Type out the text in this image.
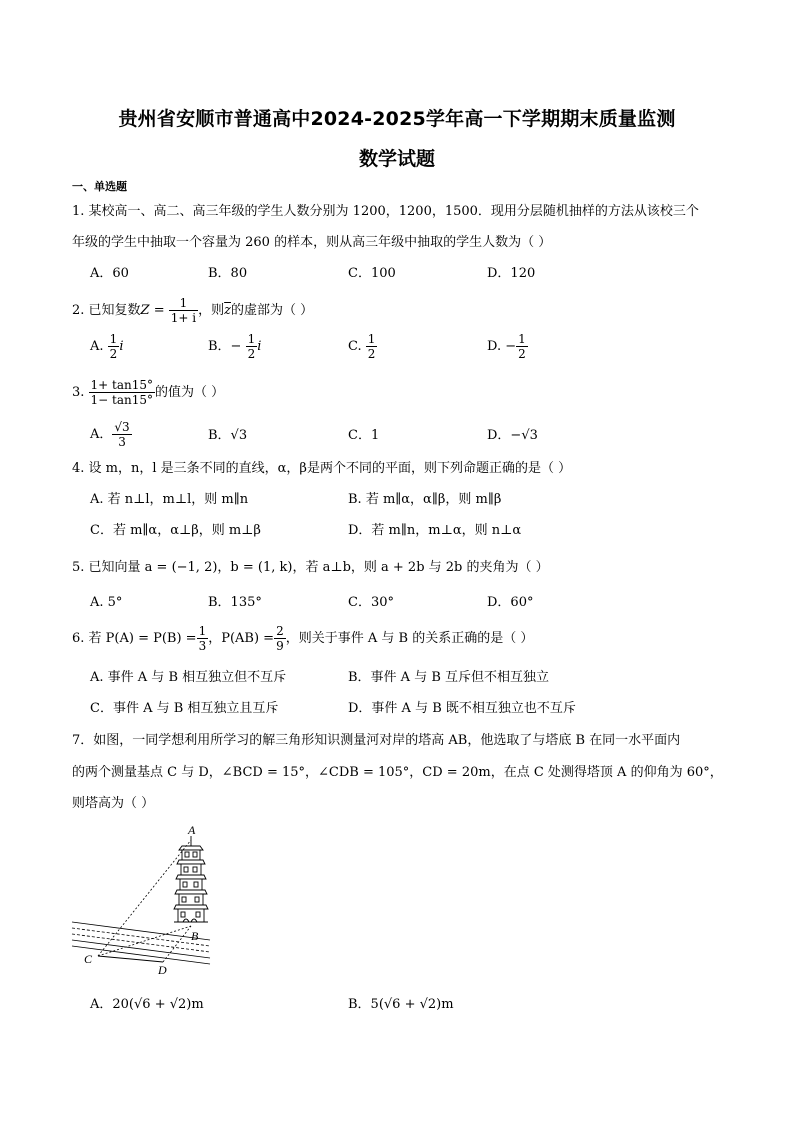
贵州省安顺市普通高中2024-2025学年高一下学期期末质量监测
数学试题
一、单选题
1. 某校高一、高二、高三年级的学生人数分别为 1200，1200，1500．现用分层随机抽样的方法从该校三个
年级的学生中抽取一个容量为 260 的样本，则从高三年级中抽取的学生人数为（ ）
A．60	B．80	C．100	D．120
2. 已知复数$Z = \frac{1}{1+ i}$ ，则$\overline{z}$的虚部为（ ）
A. $\frac{1}{2}$ i	B．− $\frac{1}{2}$ i	C. $\frac{1}{2}$	D. − $\frac{1}{2}$
3. $\frac{1+ \tan 15^\circ}{1- \tan 15^\circ}$ 的值为（ ）
A． $\frac{√3}{3}$	B．√3	C．1	D．−√3
4. 设 m，n，l 是三条不同的直线，α，β是两个不同的平面，则下列命题正确的是（ ）
A. 若 n⊥l，m⊥l，则 m∥n	B. 若 m∥α，α∥β，则 m∥β
C．若 m∥α，α⊥β，则 m⊥β	D．若 m∥n，m⊥α，则 n⊥α
5. 已知向量 a = (−1, 2)，b = (1, k)，若 a⊥b，则 a + 2b 与 2b 的夹角为（ ）
A. 5°	B．135°	C．30°	D．60°
6. 若 $P(A) = P(B) = \frac{1}{3}$ ，$P(AB) = \frac{2}{9}$ ，则关于事件 A 与 B 的关系正确的是（ ）
A. 事件 A 与 B 相互独立但不互斥	B．事件 A 与 B 互斥但不相互独立
C．事件 A 与 B 相互独立且互斥	D．事件 A 与 B 既不相互独立也不互斥
7．如图，一同学想利用所学习的解三角形知识测量河对岸的塔高 AB，他选取了与塔底 B 在同一水平面内
的两个测量基点 C 与 D，∠BCD = 15°，∠CDB = 105°，CD = 20m，在点 C 处测得塔顶 A 的仰角为 60°，
则塔高为（ ）
A
B
C
D
A．20(√6 + √2)m	B．5(√6 + √2)m
